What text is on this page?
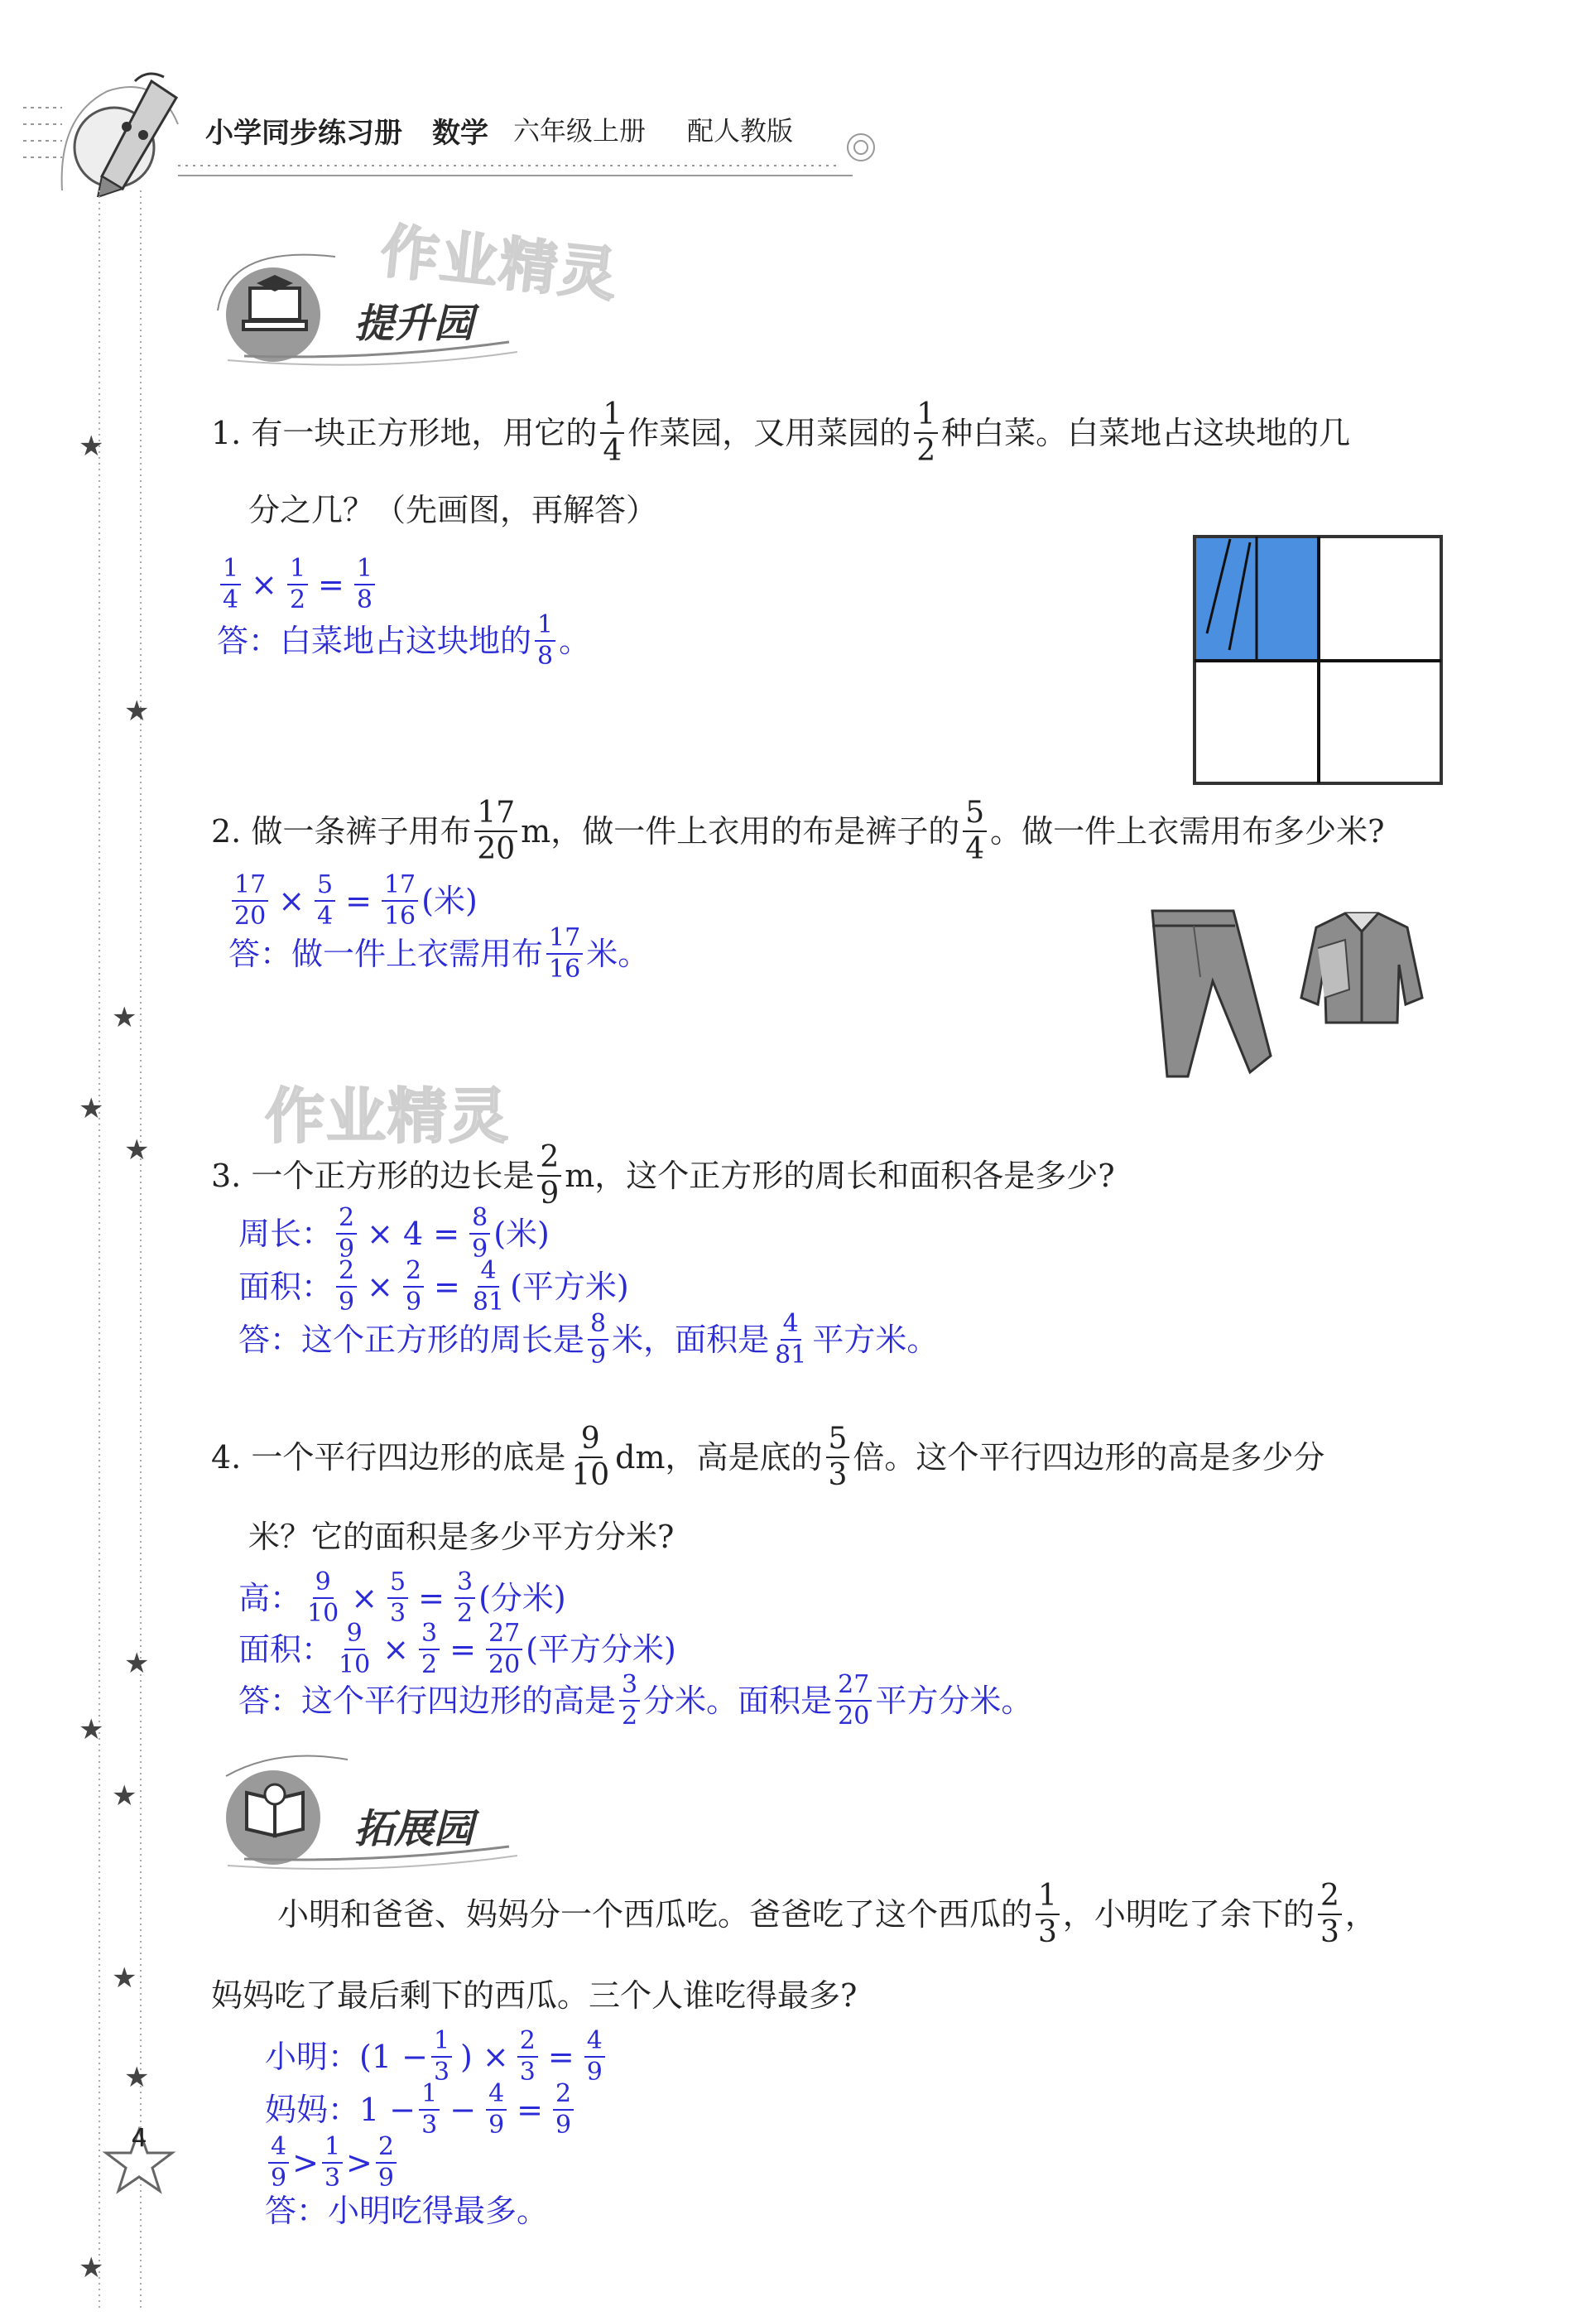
小学同步练习册 数学 六年级上册 配人教版
★
★
★
★
★
★
★
★
★
★
★
4
作业精灵
作业精灵
提升园
1. 有一块正方形地，用它的 $\frac{1}{4}$ 作菜园，又用菜园的 $\frac{1}{2}$ 种白菜。白菜地占这块地的几
分之几？（先画图，再解答）
$\frac{1}{4} \times \frac{1}{2} = \frac{1}{8}$
答：白菜地占这块地的 $\frac{1}{8}$ 。
2. 做一条裤子用布 $\frac{17}{20}$ m，做一件上衣用的布是裤子的 $\frac{5}{4}$ 。做一件上衣需用布多少米?
$\frac{17}{20} \times \frac{5}{4} = \frac{17}{16}$ (米)
答：做一件上衣需用布 $\frac{17}{16}$ 米。
3. 一个正方形的边长是 $\frac{2}{9}$ m，这个正方形的周长和面积各是多少?
周长： $\frac{2}{9} \times 4 = \frac{8}{9}$ (米)
面积： $\frac{2}{9} \times \frac{2}{9} = \frac{4}{81}$ (平方米)
答：这个正方形的周长是 $\frac{8}{9}$ 米，面积是 $\frac{4}{81}$ 平方米。
4. 一个平行四边形的底是 $\frac{9}{10}$ dm，高是底的 $\frac{5}{3}$ 倍。这个平行四边形的高是多少分
米？它的面积是多少平方分米?
高： $\frac{9}{10} \times \frac{5}{3} = \frac{3}{2}$ (分米)
面积： $\frac{9}{10} \times \frac{3}{2} = \frac{27}{20}$ (平方分米)
答：这个平行四边形的高是 $\frac{3}{2}$ 分米。面积是 $\frac{27}{20}$ 平方分米。
拓展园
小明和爸爸、妈妈分一个西瓜吃。爸爸吃了这个西瓜的 $\frac{1}{3}$ ，小明吃了余下的 $\frac{2}{3}$ ，
妈妈吃了最后剩下的西瓜。三个人谁吃得最多?
小明： ($1 - \frac{1}{3}$ ) × $\frac{2}{3} = \frac{4}{9}$
妈妈： $1 - \frac{1}{3} - \frac{4}{9} = \frac{2}{9}$
$\frac{4}{9} > \frac{1}{3} > \frac{2}{9}$
答：小明吃得最多。
